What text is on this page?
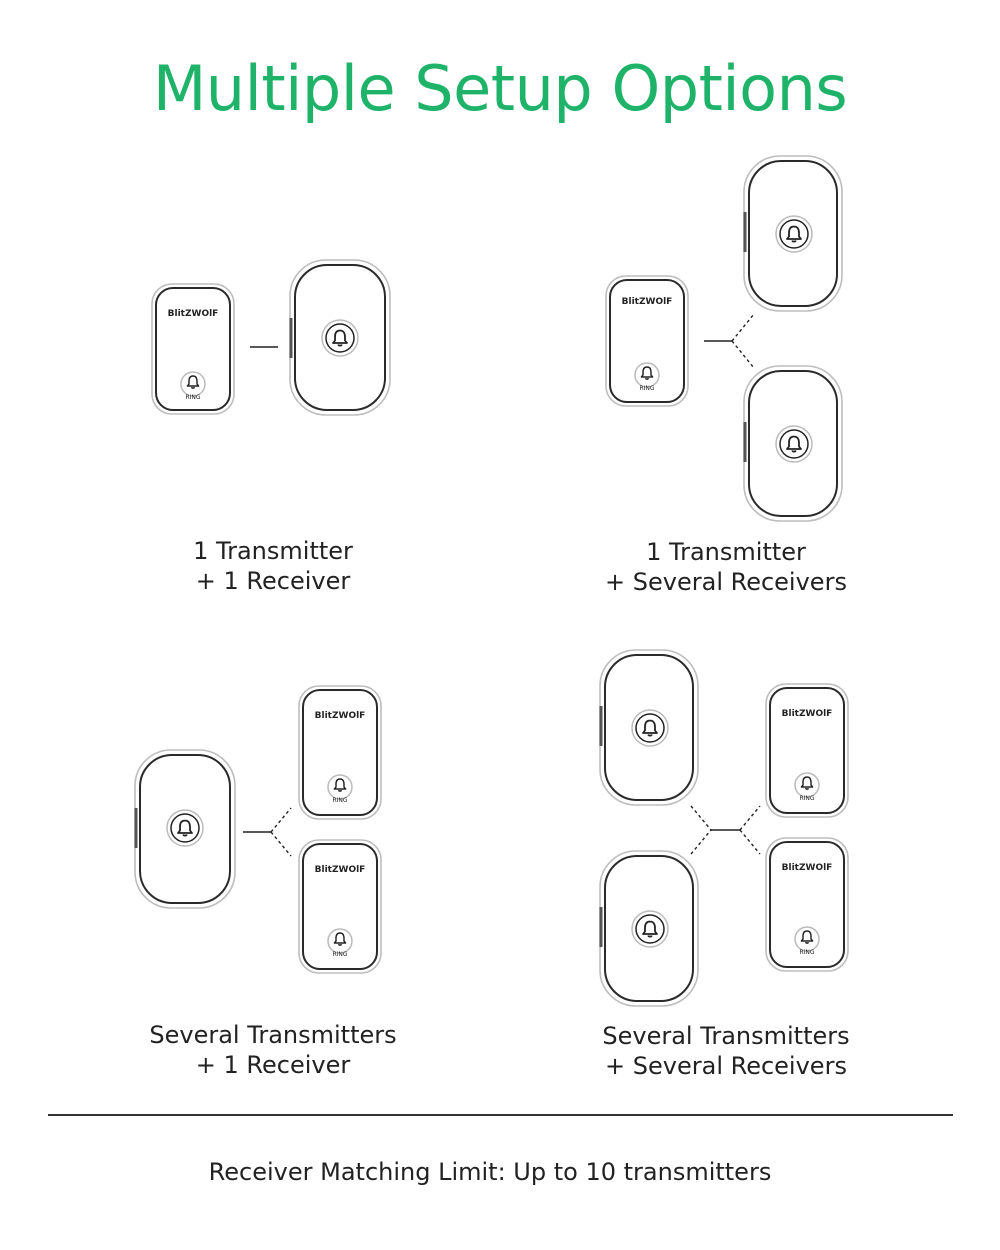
Multiple Setup Options
BlitZWOlF
RING
1 Transmitter
+ 1 Receiver
BlitZWOlF
RING
1 Transmitter
+ Several Receivers
BlitZWOlF
RING
BlitZWOlF
RING
Several Transmitters
+ 1 Receiver
BlitZWOlF
RING
BlitZWOlF
RING
Several Transmitters
+ Several Receivers
Receiver Matching Limit: Up to 10 transmitters
